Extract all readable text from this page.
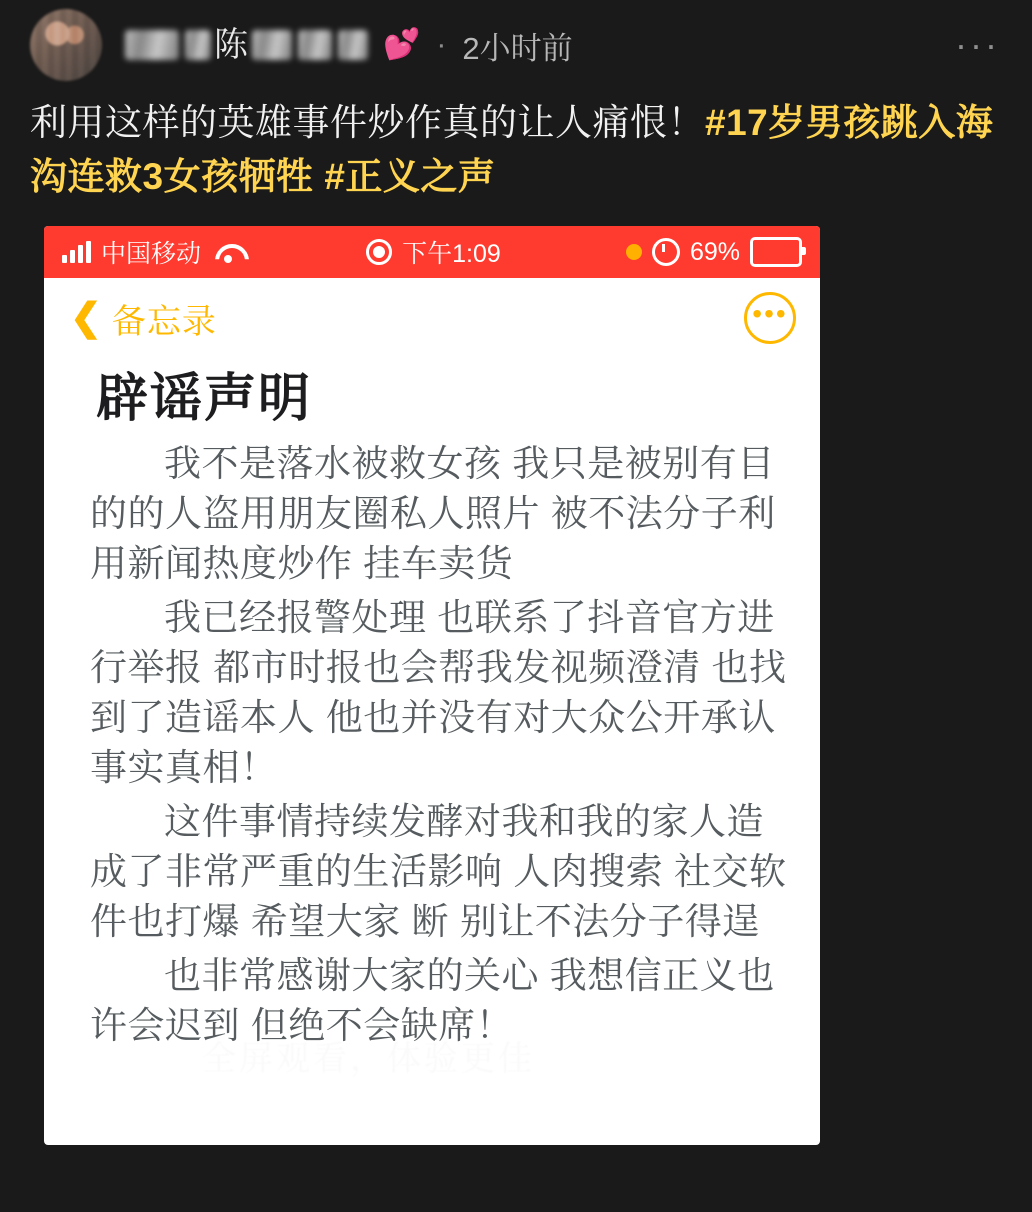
陈	💕 · 2小时前	···
利用这样的英雄事件炒作真的让人痛恨！#17岁男孩跳入海沟连救3女孩牺牲 #正义之声
中国移动	下午1:09	69%
❮ 备忘录	•••
辟谣声明

我不是落水被救女孩 我只是被别有目的的人盗用朋友圈私人照片 被不法分子利用新闻热度炒作 挂车卖货

我已经报警处理 也联系了抖音官方进行举报 都市时报也会帮我发视频澄清 也找到了造谣本人 他也并没有对大众公开承认事实真相！

这件事情持续发酵对我和我的家人造成了非常严重的生活影响 人肉搜索 社交软件也打爆 希望大家 断 别让不法分子得逞

也非常感谢大家的关心 我想信正义也许会迟到 但绝不会缺席！

全屏观看，体验更佳
